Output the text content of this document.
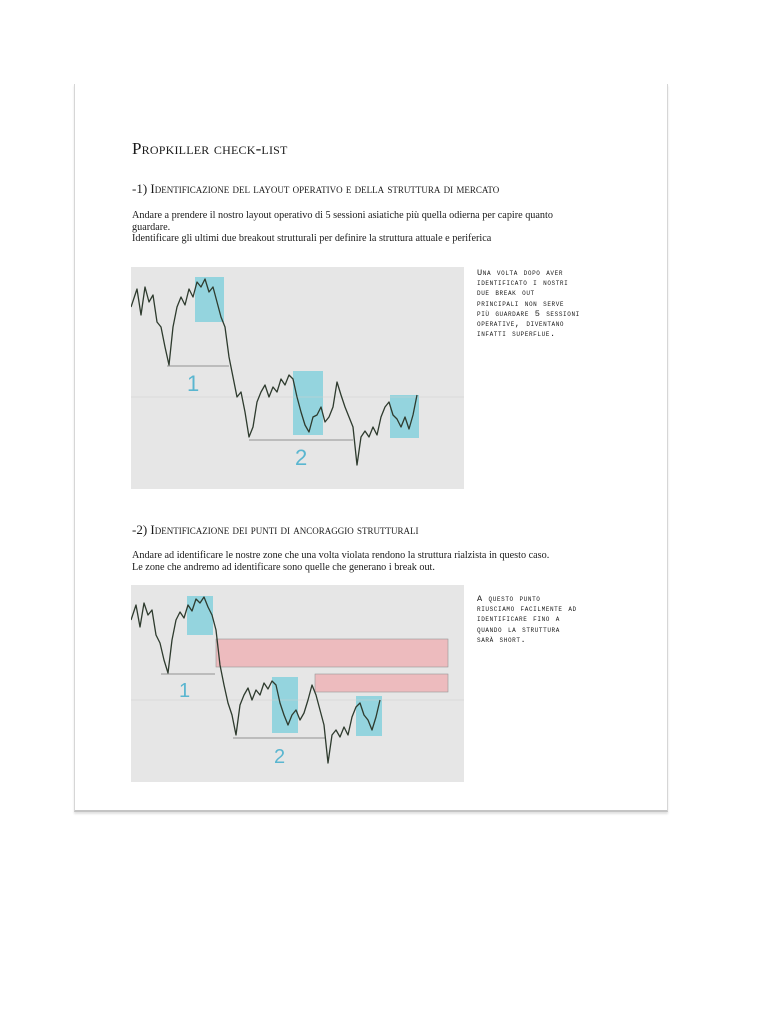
Propkiller check-list
-1) Identificazione del layout operativo e della struttura di mercato
Andare a prendere il nostro layout operativo di 5 sessioni asiatiche più quella odierna per capire quanto
guardare.
Identificare gli ultimi due breakout strutturali per definire la struttura attuale e periferica
1
2

Una volta dopo aver
identificato i nostri
due break out
principali non serve
più guardare 5 sessioni
operative, diventano
infatti superflue.

-2) Identificazione dei punti di ancoraggio strutturali
Andare ad identificare le nostre zone che una volta violata rendono la struttura rialzista in questo caso.
Le zone che andremo ad identificare sono quelle che generano i break out.
1
2

A questo punto
riusciamo facilmente ad
identificare fino a
quando la struttura
sarà short.
